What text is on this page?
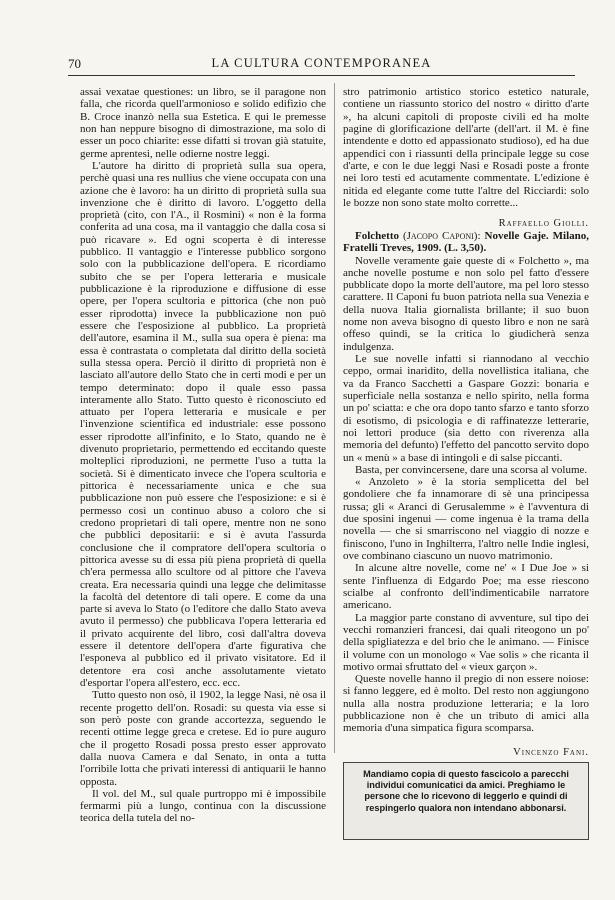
70	LA CULTURA CONTEMPORANEA

assai vexatae questiones: un libro, se il paragone non falla, che ricorda quell'armonioso e solido edifizio che B. Croce inanzò nella sua Estetica. E qui le premesse non han neppure bisogno di dimostrazione, ma solo di esser un poco chiarite: esse difatti si trovan già statuite, germe aprentesi, nelle odierne nostre leggi.

L'autore ha diritto di proprietà sulla sua opera, perchè quasi una res nullius che viene occupata con una azione che è lavoro: ha un diritto di proprietà sulla sua invenzione che è diritto di lavoro. L'oggetto della proprietà (cito, con l'A., il Rosmini) « non è la forma conferita ad una cosa, ma il vantaggio che dalla cosa si può ricavare ». Ed ogni scoperta è di interesse pubblico. Il vantaggio e l'interesse pubblico sorgono solo con la pubblicazione dell'opera. E ricordiamo subito che se per l'opera letteraria e musicale pubblicazione è la riproduzione e diffusione di esse opere, per l'opera scultoria e pittorica (che non può esser riprodotta) invece la pubblicazione non può essere che l'esposizione al pubblico. La proprietà dell'autore, esamina il M., sulla sua opera è piena: ma essa è contrastata o completata dal diritto della società sulla stessa opera. Perciò il diritto di proprietà non è lasciato all'autore dello Stato che in certi modi e per un tempo determinato: dopo il quale esso passa interamente allo Stato. Tutto questo è riconosciuto ed attuato per l'opera letteraria e musicale e per l'invenzione scientifica ed industriale: esse possono esser riprodotte all'infinito, e lo Stato, quando ne è divenuto proprietario, permettendo ed eccitando queste molteplici riproduzioni, ne permette l'uso a tutta la società. Si è dimenticato invece che l'opera scultoria e pittorica è necessariamente unica e che sua pubblicazione non può essere che l'esposizione: e si è permesso così un continuo abuso a coloro che si credono proprietari di tali opere, mentre non ne sono che pubblici depositarii: e si è avuta l'assurda conclusione che il compratore dell'opera scultoria o pittorica avesse su di essa più piena proprietà di quella ch'era permessa allo scultore od al pittore che l'aveva creata. Era necessaria quindi una legge che delimitasse la facoltà del detentore di tali opere. E come da una parte si aveva lo Stato (o l'editore che dallo Stato aveva avuto il permesso) che pubblicava l'opera letteraria ed il privato acquirente del libro, così dall'altra doveva essere il detentore dell'opera d'arte figurativa che l'esponeva al pubblico ed il privato visitatore. Ed il detentore era così anche assolutamente vietato d'esportar l'opera all'estero, ecc. ecc.

Tutto questo non osò, il 1902, la legge Nasi, nè osa il recente progetto dell'on. Rosadi: su questa via esse si son però poste con grande accortezza, seguendo le recenti ottime legge greca e cretese. Ed io pure auguro che il progetto Rosadi possa presto esser approvato dalla nuova Camera e dal Senato, in onta a tutta l'orribile lotta che privati interessi di antiquarii le hanno opposta.

Il vol. del M., sul quale purtroppo mi è impossibile fermarmi più a lungo, continua con la discussione teorica della tutela del no-

stro patrimonio artistico storico estetico naturale, contiene un riassunto storico del nostro « diritto d'arte », ha alcuni capitoli di proposte civili ed ha molte pagine di glorificazione dell'arte (dell'art. il M. è fine intendente e dotto ed appassionato studioso), ed ha due appendici con i riassunti della principale legge su cose d'arte, e con le due leggi Nasi e Rosadi poste a fronte nei loro testi ed acutamente commentate. L'edizione è nitida ed elegante come tutte l'altre del Ricciardi: solo le bozze non sono state molto corrette...

Raffaello Giolli.

Folchetto (Jacopo Caponi): Novelle Gaje. Milano, Fratelli Treves, 1909. (L. 3,50).

Novelle veramente gaie queste di « Folchetto », ma anche novelle postume e non solo pel fatto d'essere pubblicate dopo la morte dell'autore, ma pel loro stesso carattere. Il Caponi fu buon patriota nella sua Venezia e della nuova Italia giornalista brillante; il suo buon nome non aveva bisogno di questo libro e non ne sarà offeso quindi, se la critica lo giudicherà senza indulgenza.

Le sue novelle infatti si riannodano al vecchio ceppo, ormai inaridito, della novellistica italiana, che va da Franco Sacchetti a Gaspare Gozzi: bonaria e superficiale nella sostanza e nello spirito, nella forma un po' sciatta: e che ora dopo tanto sfarzo e tanto sforzo di esotismo, di psicologia e di raffinatezze letterarie, noi lettori produce (sia detto con riverenza alla memoria del defunto) l'effetto del pancotto servito dopo un « menù » a base di intingoli e di salse piccanti.

Basta, per convincersene, dare una scorsa al volume.

« Anzoleto » è la storia semplicetta del bel gondoliere che fa innamorare di sè una principessa russa; gli « Aranci di Gerusalemme » è l'avventura di due sposini ingenui — come ingenua è la trama della novella — che si smarriscono nel viaggio di nozze e finiscono, l'uno in Inghilterra, l'altro nelle Indie inglesi, ove combinano ciascuno un nuovo matrimonio.

In alcune altre novelle, come ne' « I Due Joe » si sente l'influenza di Edgardo Poe; ma esse riescono scialbe al confronto dell'indimenticabile narratore americano.

La maggior parte constano di avventure, sul tipo dei vecchi romanzieri francesi, dai quali riteogono un po' della spigliatezza e del brio che le animano. — Finisce il volume con un monologo « Vae solis » che ricanta il motivo ormai sfruttato del « vieux garçon ».

Queste novelle hanno il pregio di non essere noiose: si fanno leggere, ed è molto. Del resto non aggiungono nulla alla nostra produzione letteraria; e la loro pubblicazione non è che un tributo di amici alla memoria d'una simpatica figura scomparsa.

Vincenzo Fani.
Mandiamo copia di questo fascicolo a parecchi individui comunicatici da amici. Preghiamo le persone che lo ricevono di leggerlo e quindi di respingerlo qualora non intendano abbonarsi.
